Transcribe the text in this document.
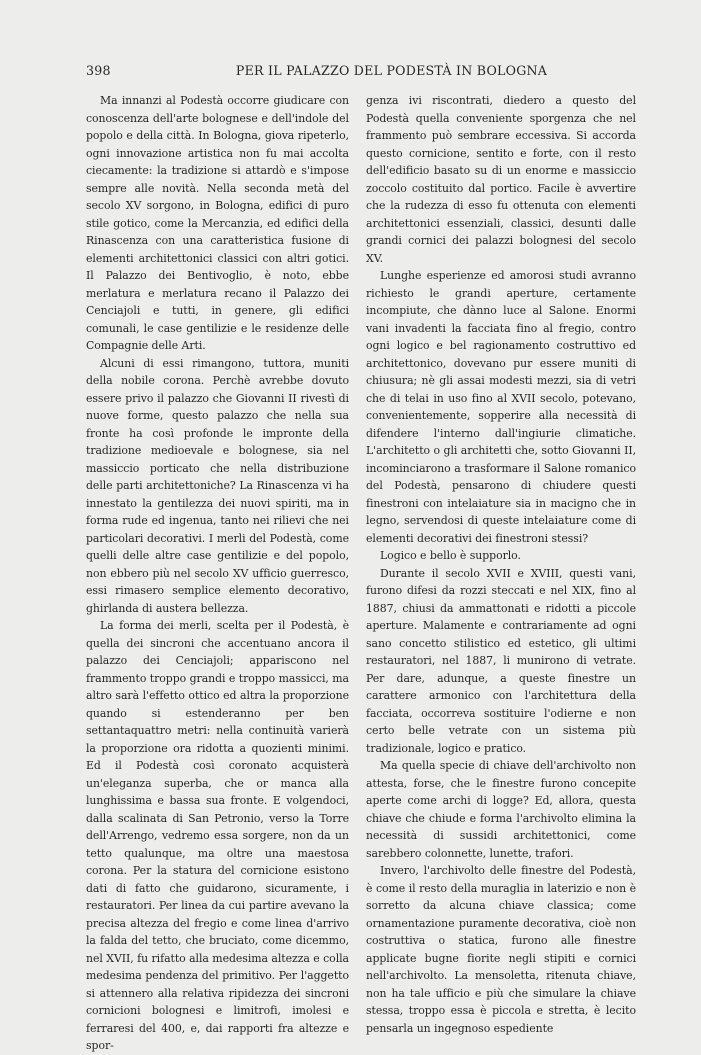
398	PER IL PALAZZO DEL PODESTÀ IN BOLOGNA

Ma innanzi al Podestà occorre giudicare con conoscenza dell'arte bolognese e dell'indole del popolo e della città. In Bologna, giova ripeterlo, ogni innovazione artistica non fu mai accolta ciecamente: la tradizione si attardò e s'impose sempre alle novità. Nella seconda metà del secolo XV sorgono, in Bologna, edifici di puro stile gotico, come la Mercanzia, ed edifici della Rinascenza con una caratteristica fusione di elementi architettonici classici con altri gotici. Il Palazzo dei Bentivoglio, è noto, ebbe merlatura e merlatura recano il Palazzo dei Cenciajoli e tutti, in genere, gli edifici comunali, le case gentilizie e le residenze delle Compagnie delle Arti.

Alcuni di essi rimangono, tuttora, muniti della nobile corona. Perchè avrebbe dovuto essere privo il palazzo che Giovanni II rivestì di nuove forme, questo palazzo che nella sua fronte ha così profonde le impronte della tradizione medioevale e bolognese, sia nel massiccio porticato che nella distribuzione delle parti architettoniche? La Rinascenza vi ha innestato la gentilezza dei nuovi spiriti, ma in forma rude ed ingenua, tanto nei rilievi che nei particolari decorativi. I merli del Podestà, come quelli delle altre case gentilizie e del popolo, non ebbero più nel secolo XV ufficio guerresco, essi rimasero semplice elemento decorativo, ghirlanda di austera bellezza.

La forma dei merli, scelta per il Podestà, è quella dei sincroni che accentuano ancora il palazzo dei Cenciajoli; appariscono nel frammento troppo grandi e troppo massicci, ma altro sarà l'effetto ottico ed altra la proporzione quando si estenderanno per ben settantaquattro metri: nella continuità varierà la proporzione ora ridotta a quozienti minimi. Ed il Podestà così coronato acquisterà un'eleganza superba, che or manca alla lunghissima e bassa sua fronte. E volgendoci, dalla scalinata di San Petronio, verso la Torre dell'Arrengo, vedremo essa sorgere, non da un tetto qualunque, ma oltre una maestosa corona. Per la statura del cornicione esistono dati di fatto che guidarono, sicuramente, i restauratori. Per linea da cui partire avevano la precisa altezza del fregio e come linea d'arrivo la falda del tetto, che bruciato, come dicemmo, nel XVII, fu rifatto alla medesima altezza e colla medesima pendenza del primitivo. Per l'aggetto si attennero alla relativa ripidezza dei sincroni cornicioni bolognesi e limitrofi, imolesi e ferraresi del 400, e, dai rapporti fra altezze e spor-

genza ivi riscontrati, diedero a questo del Podestà quella conveniente sporgenza che nel frammento può sembrare eccessiva. Si accorda questo cornicione, sentito e forte, con il resto dell'edificio basato su di un enorme e massiccio zoccolo costituito dal portico. Facile è avvertire che la rudezza di esso fu ottenuta con elementi architettonici essenziali, classici, desunti dalle grandi cornici dei palazzi bolognesi del secolo XV.

Lunghe esperienze ed amorosi studi avranno richiesto le grandi aperture, certamente incompiute, che dànno luce al Salone. Enormi vani invadenti la facciata fino al fregio, contro ogni logico e bel ragionamento costruttivo ed architettonico, dovevano pur essere muniti di chiusura; nè gli assai modesti mezzi, sia di vetri che di telai in uso fino al XVII secolo, potevano, convenientemente, sopperire alla necessità di difendere l'interno dall'ingiurie climatiche. L'architetto o gli architetti che, sotto Giovanni II, incominciarono a trasformare il Salone romanico del Podestà, pensarono di chiudere questi finestroni con intelaiature sia in macigno che in legno, servendosi di queste intelaiature come di elementi decorativi dei finestroni stessi?

Logico e bello è supporlo.

Durante il secolo XVII e XVIII, questi vani, furono difesi da rozzi steccati e nel XIX, fino al 1887, chiusi da ammattonati e ridotti a piccole aperture. Malamente e contrariamente ad ogni sano concetto stilistico ed estetico, gli ultimi restauratori, nel 1887, li munirono di vetrate. Per dare, adunque, a queste finestre un carattere armonico con l'architettura della facciata, occorreva sostituire l'odierne e non certo belle vetrate con un sistema più tradizionale, logico e pratico.

Ma quella specie di chiave dell'archivolto non attesta, forse, che le finestre furono concepite aperte come archi di logge? Ed, allora, questa chiave che chiude e forma l'archivolto elimina la necessità di sussidi architettonici, come sarebbero colonnette, lunette, trafori.

Invero, l'archivolto delle finestre del Podestà, è come il resto della muraglia in laterizio e non è sorretto da alcuna chiave classica; come ornamentazione puramente decorativa, cioè non costruttiva o statica, furono alle finestre applicate bugne fiorite negli stipiti e cornici nell'archivolto. La mensoletta, ritenuta chiave, non ha tale ufficio e più che simulare la chiave stessa, troppo essa è piccola e stretta, è lecito pensarla un ingegnoso espediente
